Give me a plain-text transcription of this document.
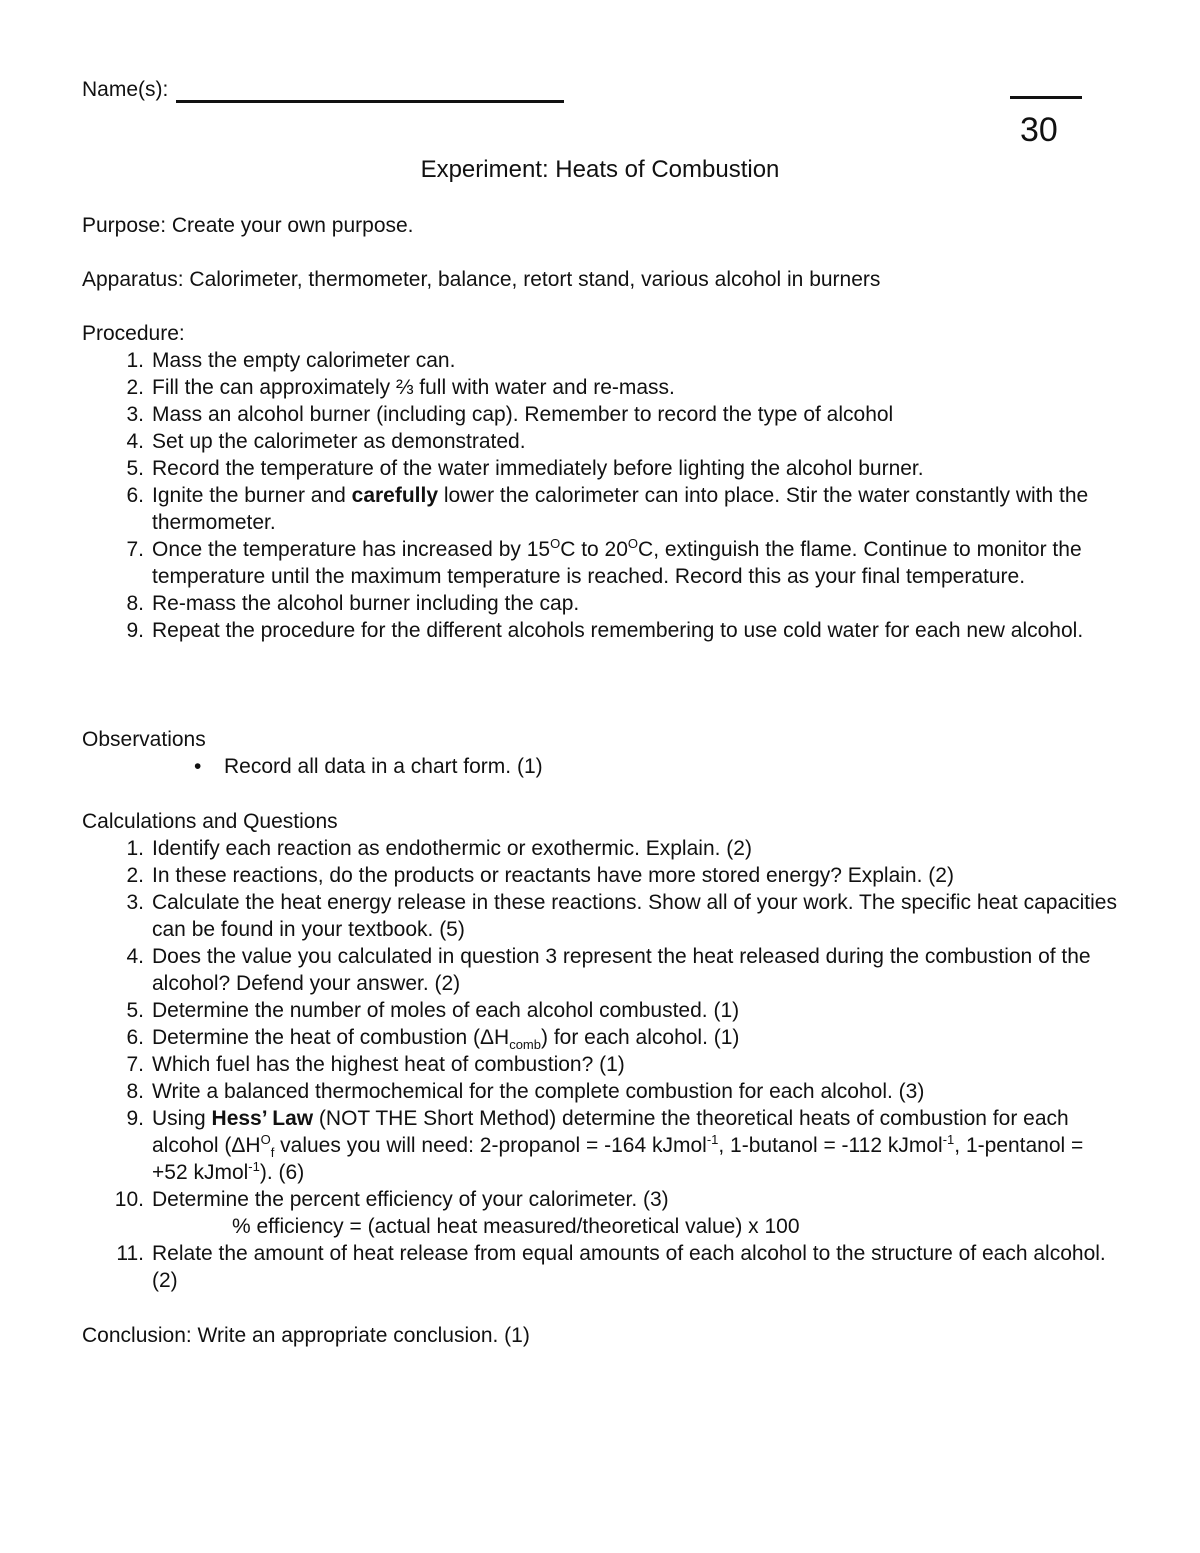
Name(s):
30
Experiment: Heats of Combustion
Purpose: Create your own purpose.
Apparatus: Calorimeter, thermometer, balance, retort stand, various alcohol in burners
Procedure:
1. Mass the empty calorimeter can.
2. Fill the can approximately ⅔ full with water and re-mass.
3. Mass an alcohol burner (including cap). Remember to record the type of alcohol
4. Set up the calorimeter as demonstrated.
5. Record the temperature of the water immediately before lighting the alcohol burner.
6. Ignite the burner and carefully lower the calorimeter can into place. Stir the water constantly with the thermometer.
7. Once the temperature has increased by $15^OC$ to $20^OC$, extinguish the flame. Continue to monitor the temperature until the maximum temperature is reached. Record this as your final temperature.
8. Re-mass the alcohol burner including the cap.
9. Repeat the procedure for the different alcohols remembering to use cold water for each new alcohol.
Observations
• Record all data in a chart form. (1)
Calculations and Questions
1. Identify each reaction as endothermic or exothermic. Explain. (2)
2. In these reactions, do the products or reactants have more stored energy? Explain. (2)
3. Calculate the heat energy release in these reactions. Show all of your work. The specific heat capacities can be found in your textbook. (5)
4. Does the value you calculated in question 3 represent the heat released during the combustion of the alcohol? Defend your answer. (2)
5. Determine the number of moles of each alcohol combusted. (1)
6. Determine the heat of combustion $(\Delta H_{comb})$ for each alcohol. (1)
7. Which fuel has the highest heat of combustion? (1)
8. Write a balanced thermochemical for the complete combustion for each alcohol. (3)
9. Using Hess’ Law (NOT THE Short Method) determine the theoretical heats of combustion for each alcohol ($\Delta H^O_f$ values you will need: 2-propanol = -164 kJmol$^{-1}$, 1-butanol = -112 kJmol$^{-1}$, 1-pentanol = +52 kJmol$^{-1}$). (6)
10. Determine the percent efficiency of your calorimeter. (3)
% efficiency = (actual heat measured/theoretical value) x 100
11. Relate the amount of heat release from equal amounts of each alcohol to the structure of each alcohol. (2)
Conclusion: Write an appropriate conclusion. (1)
